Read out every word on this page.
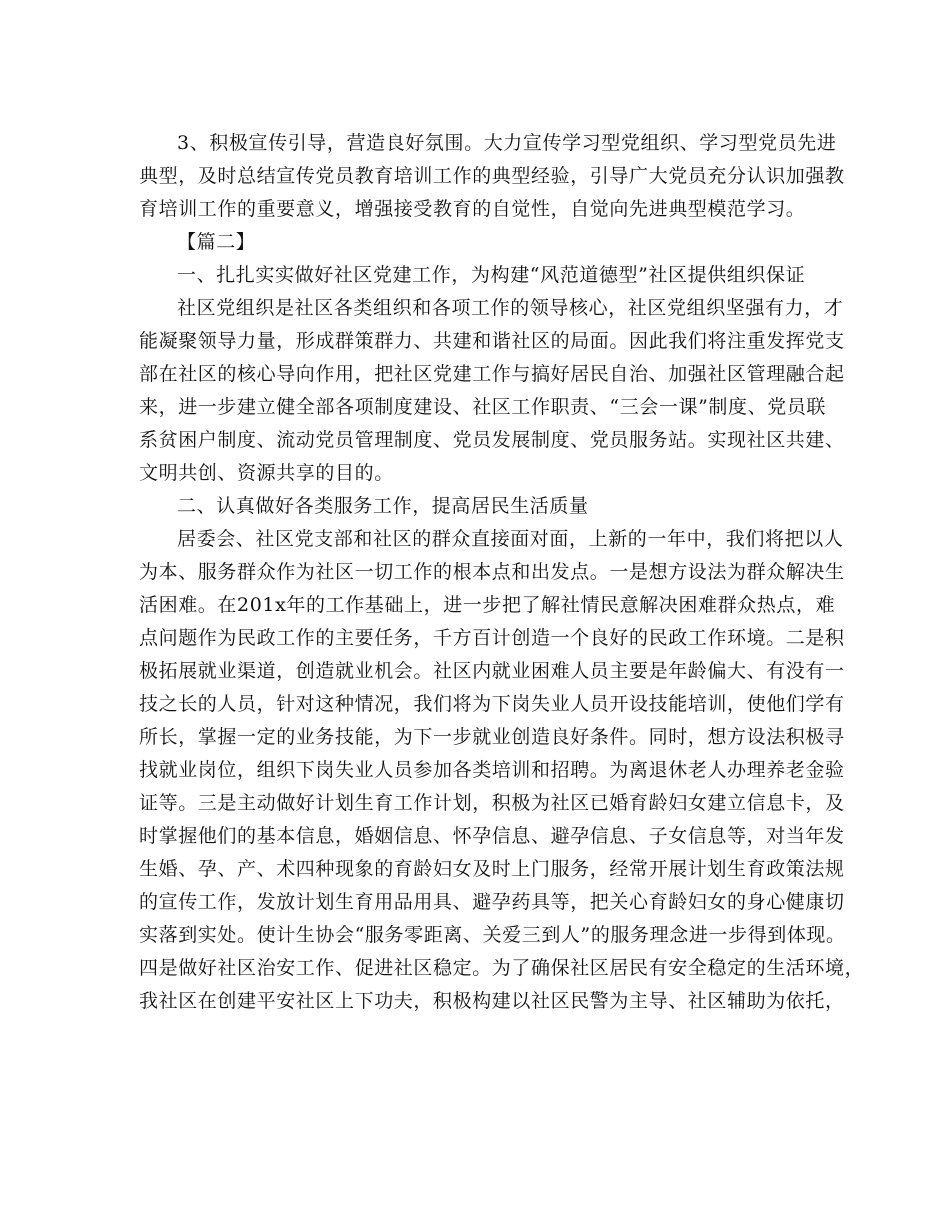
3、积极宣传引导，营造良好氛围。大力宣传学习型党组织、学习型党员先进
典型，及时总结宣传党员教育培训工作的典型经验，引导广大党员充分认识加强教
育培训工作的重要意义，增强接受教育的自觉性，自觉向先进典型模范学习。
【篇二】
一、扎扎实实做好社区党建工作，为构建“风范道德型”社区提供组织保证
社区党组织是社区各类组织和各项工作的领导核心，社区党组织坚强有力，才
能凝聚领导力量，形成群策群力、共建和谐社区的局面。因此我们将注重发挥党支
部在社区的核心导向作用，把社区党建工作与搞好居民自治、加强社区管理融合起
来，进一步建立健全部各项制度建设、社区工作职责、“三会一课”制度、党员联
系贫困户制度、流动党员管理制度、党员发展制度、党员服务站。实现社区共建、
文明共创、资源共享的目的。
二、认真做好各类服务工作，提高居民生活质量
居委会、社区党支部和社区的群众直接面对面，上新的一年中，我们将把以人
为本、服务群众作为社区一切工作的根本点和出发点。一是想方设法为群众解决生
活困难。在201x年的工作基础上，进一步把了解社情民意解决困难群众热点，难
点问题作为民政工作的主要任务，千方百计创造一个良好的民政工作环境。二是积
极拓展就业渠道，创造就业机会。社区内就业困难人员主要是年龄偏大、有没有一
技之长的人员，针对这种情况，我们将为下岗失业人员开设技能培训，使他们学有
所长，掌握一定的业务技能，为下一步就业创造良好条件。同时，想方设法积极寻
找就业岗位，组织下岗失业人员参加各类培训和招聘。为离退休老人办理养老金验
证等。三是主动做好计划生育工作计划，积极为社区已婚育龄妇女建立信息卡，及
时掌握他们的基本信息，婚姻信息、怀孕信息、避孕信息、子女信息等，对当年发
生婚、孕、产、术四种现象的育龄妇女及时上门服务，经常开展计划生育政策法规
的宣传工作，发放计划生育用品用具、避孕药具等，把关心育龄妇女的身心健康切
实落到实处。使计生协会“服务零距离、关爱三到人”的服务理念进一步得到体现。
四是做好社区治安工作、促进社区稳定。为了确保社区居民有安全稳定的生活环境，
我社区在创建平安社区上下功夫，积极构建以社区民警为主导、社区辅助为依托，
